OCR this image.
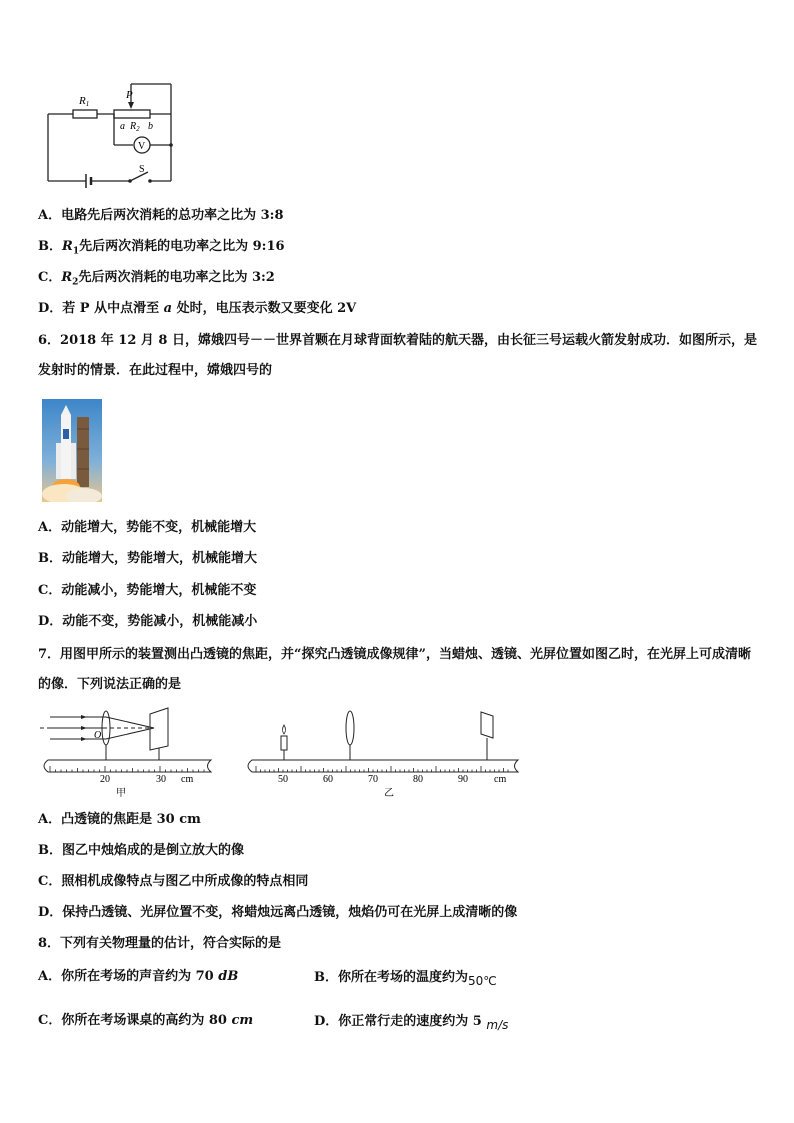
R1
P
a $R_2$ b
V
S
A．电路先后两次消耗的总功率之比为 3:8
B．$R_1$先后两次消耗的电功率之比为 9:16
C．$R_2$先后两次消耗的电功率之比为 3:2
D．若 P 从中点滑至 a 处时，电压表示数又要变化 2V
6．2018 年 12 月 8 日，嫦娥四号－－世界首颗在月球背面软着陆的航天器，由长征三号运载火箭发射成功．如图所示，是发射时的情景．在此过程中，嫦娥四号的
A．动能增大，势能不变，机械能增大
B．动能增大，势能增大，机械能增大
C．动能减小，势能增大，机械能不变
D．动能不变，势能减小，机械能减小
7．用图甲所示的装置测出凸透镜的焦距，并“探究凸透镜成像规律”，当蜡烛、透镜、光屏位置如图乙时，在光屏上可成清晰的像．下列说法正确的是
O
20	30 cm
甲
50	60	70	80	90	cm
乙
A．凸透镜的焦距是 30 cm
B．图乙中烛焰成的是倒立放大的像
C．照相机成像特点与图乙中所成像的特点相同
D．保持凸透镜、光屏位置不变，将蜡烛远离凸透镜，烛焰仍可在光屏上成清晰的像
8．下列有关物理量的估计，符合实际的是
A．你所在考场的声音约为 70 dB	B．你所在考场的温度约为50℃
C．你所在考场课桌的高约为 80 cm	D．你正常行走的速度约为 5 m/s
